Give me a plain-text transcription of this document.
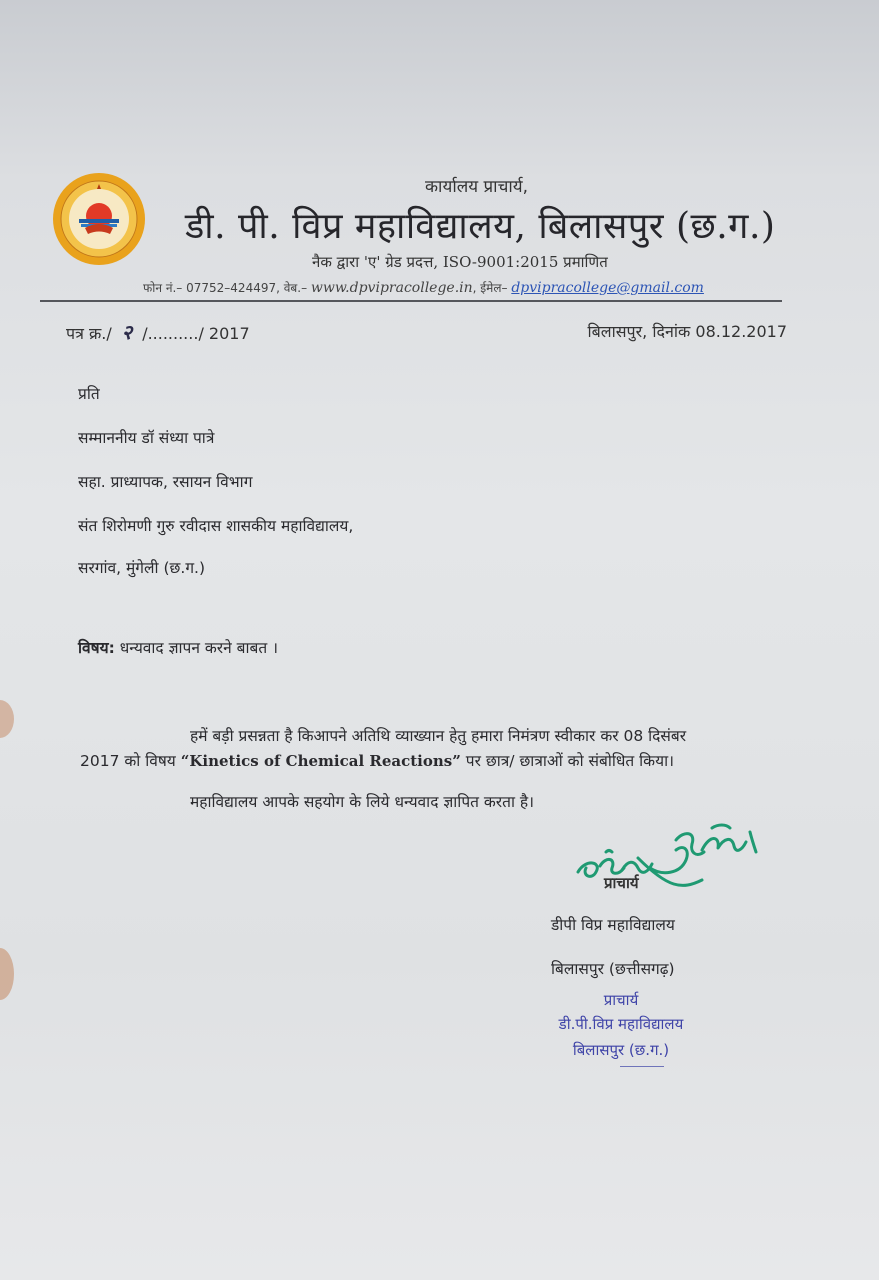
कार्यालय प्राचार्य,
डी. पी. विप्र महाविद्यालय, बिलासपुर (छ.ग.)
नैक द्वारा 'ए' ग्रेड प्रदत्त, ISO-9001:2015 प्रमाणित
फोन नं.– 07752–424497, वेब.– www.dpvipracollege.in, ईमेल– dpvipracollege@gmail.com
पत्र क्र./ २ /........../ 2017	बिलासपुर, दिनांक 08.12.2017
प्रति
सम्माननीय डॉ संध्या पात्रे
सहा. प्राध्यापक, रसायन विभाग
संत शिरोमणी गुरु रवीदास शासकीय महाविद्यालय,
सरगांव, मुंगेली (छ.ग.)
विषय: धन्यवाद ज्ञापन करने बाबत ।
हमें बड़ी प्रसन्नता है किआपने अतिथि व्याख्यान हेतु हमारा निमंत्रण स्वीकार कर 08 दिसंबर
2017 को विषय “Kinetics of Chemical Reactions” पर छात्र/ छात्राओं को संबोधित किया।
महाविद्यालय आपके सहयोग के लिये धन्यवाद ज्ञापित करता है।
प्राचार्य
डीपी विप्र महाविद्यालय
बिलासपुर (छत्तीसगढ़)
प्राचार्य
डी.पी.विप्र महाविद्यालय
बिलासपुर (छ.ग.)
